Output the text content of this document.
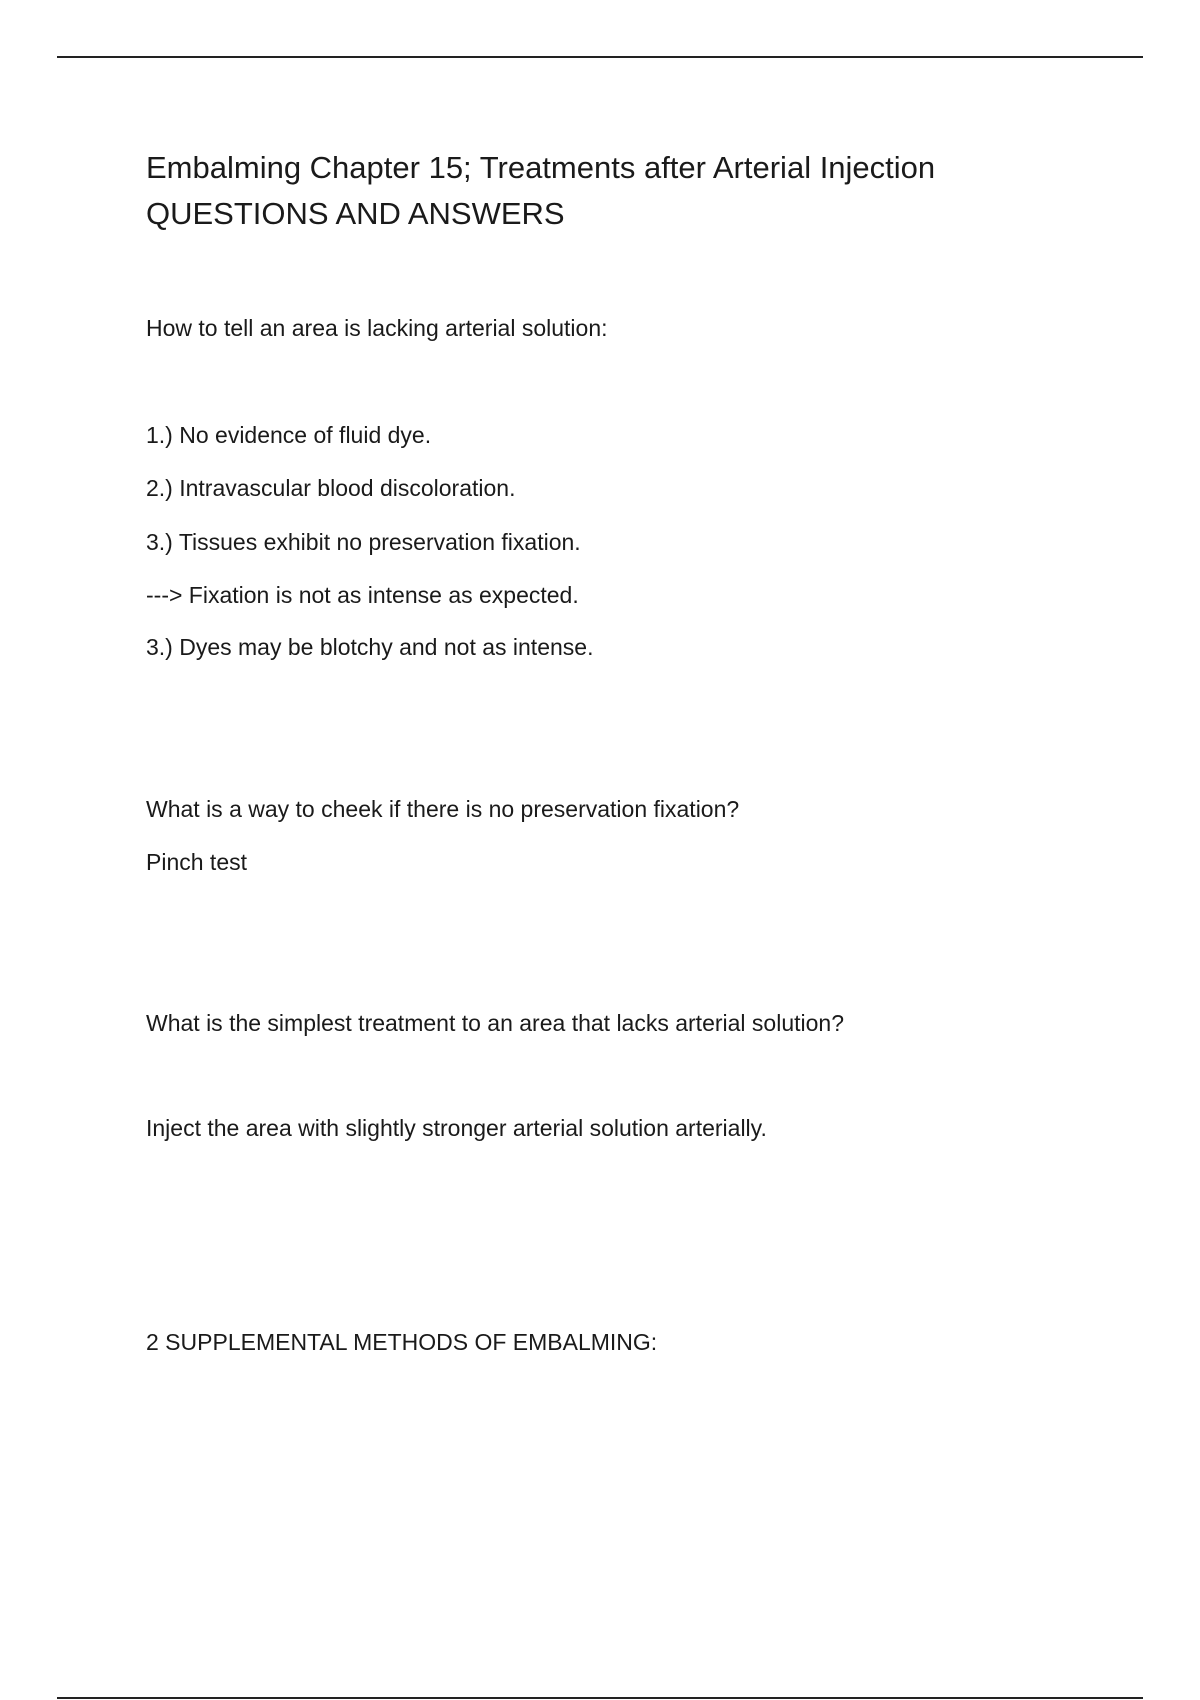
Embalming Chapter 15; Treatments after Arterial Injection
QUESTIONS AND ANSWERS
How to tell an area is lacking arterial solution:
1.) No evidence of fluid dye.
2.) Intravascular blood discoloration.
3.) Tissues exhibit no preservation fixation.
---> Fixation is not as intense as expected.
3.) Dyes may be blotchy and not as intense.
What is a way to cheek if there is no preservation fixation?
Pinch test
What is the simplest treatment to an area that lacks arterial solution?
Inject the area with slightly stronger arterial solution arterially.
2 SUPPLEMENTAL METHODS OF EMBALMING:
